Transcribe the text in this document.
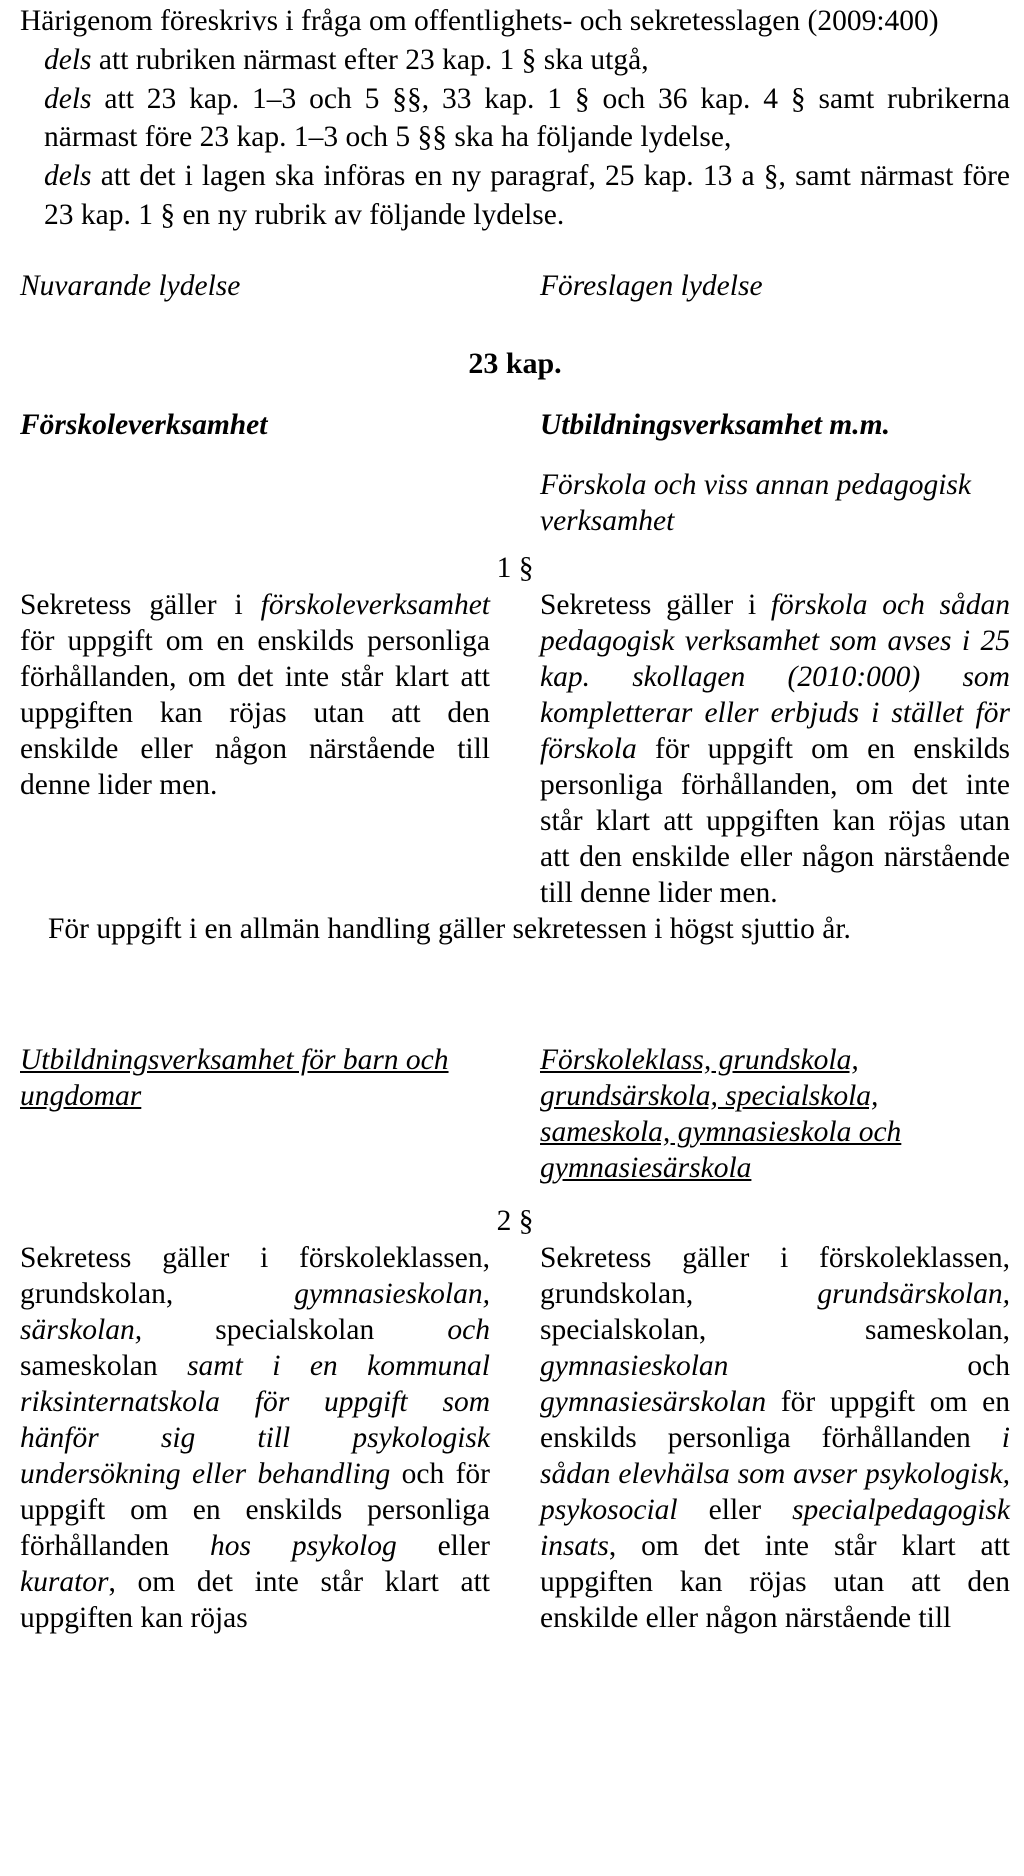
Härigenom föreskrivs i fråga om offentlighets- och sekretesslagen (2009:400)

dels att rubriken närmast efter 23 kap. 1 § ska utgå,

dels att 23 kap. 1–3 och 5 §§, 33 kap. 1 § och 36 kap. 4 § samt rubrikerna närmast före 23 kap. 1–3 och 5 §§ ska ha följande lydelse,

dels att det i lagen ska införas en ny paragraf, 25 kap. 13 a §, samt närmast före 23 kap. 1 § en ny rubrik av följande lydelse.

Nuvarande lydelse	Föreslagen lydelse
23 kap.
Förskoleverksamhet	Utbildningsverksamhet m.m.
Förskola och viss annan pedagogisk verksamhet
1 §
Sekretess gäller i förskoleverksamhet för uppgift om en enskilds personliga förhållanden, om det inte står klart att uppgiften kan röjas utan att den enskilde eller någon närstående till denne lider men.
Sekretess gäller i förskola och sådan pedagogisk verksamhet som avses i 25 kap. skollagen (2010:000) som kompletterar eller erbjuds i stället för förskola för uppgift om en enskilds personliga förhållanden, om det inte står klart att uppgiften kan röjas utan att den enskilde eller någon närstående till denne lider men.
För uppgift i en allmän handling gäller sekretessen i högst sjuttio år.
Utbildningsverksamhet för barn och ungdomar
Förskoleklass, grundskola, grundsärskola, specialskola, sameskola, gymnasieskola och gymnasiesärskola
2 §
Sekretess gäller i förskoleklassen, grundskolan, gymnasieskolan, särskolan, specialskolan och sameskolan samt i en kommunal riksinternatskola för uppgift som hänför sig till psykologisk undersökning eller behandling och för uppgift om en enskilds personliga förhållanden hos psykolog eller kurator, om det inte står klart att uppgiften kan röjas
Sekretess gäller i förskoleklassen, grundskolan, grundsärskolan, specialskolan, sameskolan, gymnasieskolan och gymnasiesärskolan för uppgift om en enskilds personliga förhållanden i sådan elevhälsa som avser psykologisk, psykosocial eller specialpedagogisk insats, om det inte står klart att uppgiften kan röjas utan att den enskilde eller någon närstående till
